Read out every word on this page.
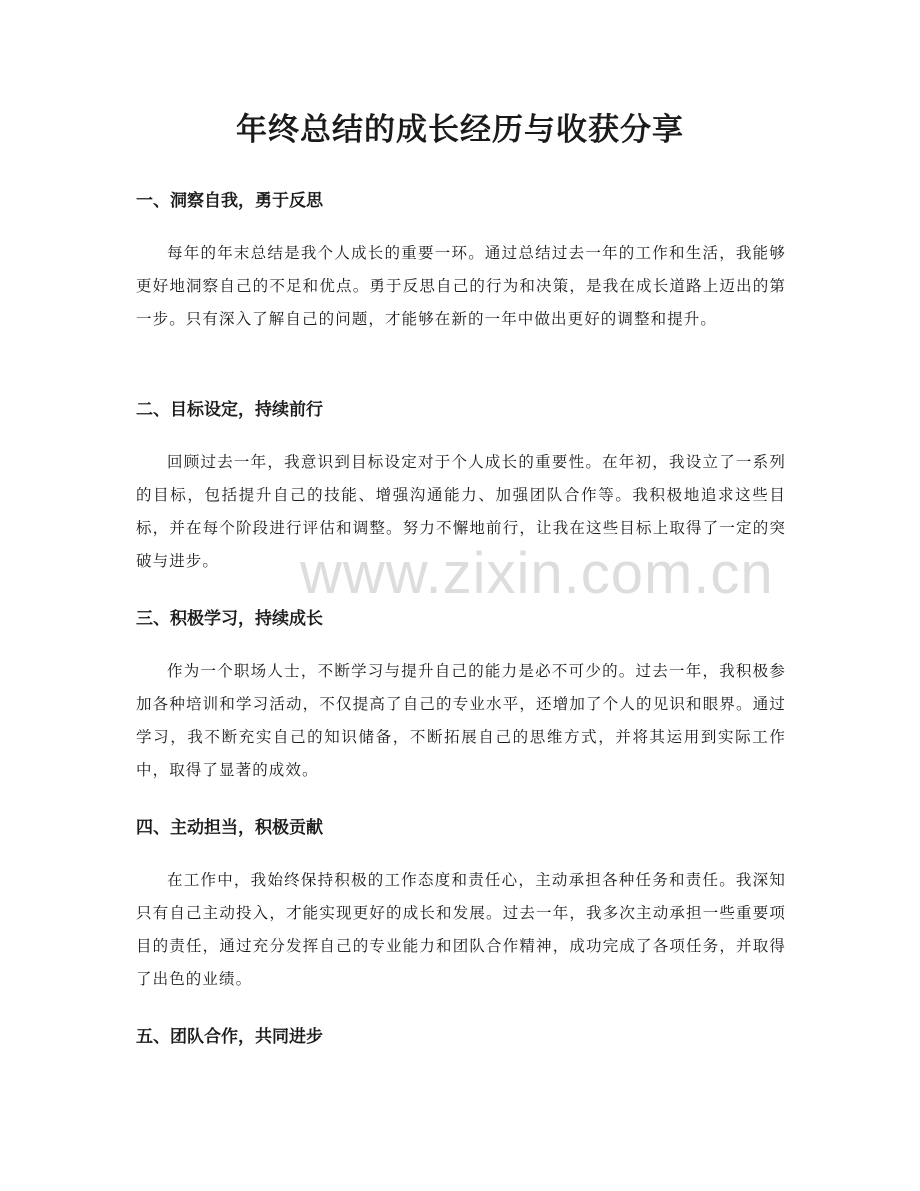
年终总结的成长经历与收获分享
一、洞察自我，勇于反思

每年的年末总结是我个人成长的重要一环。通过总结过去一年的工作和生活，我能够更好地洞察自己的不足和优点。勇于反思自己的行为和决策，是我在成长道路上迈出的第一步。只有深入了解自己的问题，才能够在新的一年中做出更好的调整和提升。

二、目标设定，持续前行

回顾过去一年，我意识到目标设定对于个人成长的重要性。在年初，我设立了一系列的目标，包括提升自己的技能、增强沟通能力、加强团队合作等。我积极地追求这些目标，并在每个阶段进行评估和调整。努力不懈地前行，让我在这些目标上取得了一定的突破与进步。

三、积极学习，持续成长

作为一个职场人士，不断学习与提升自己的能力是必不可少的。过去一年，我积极参加各种培训和学习活动，不仅提高了自己的专业水平，还增加了个人的见识和眼界。通过学习，我不断充实自己的知识储备，不断拓展自己的思维方式，并将其运用到实际工作中，取得了显著的成效。

四、主动担当，积极贡献

在工作中，我始终保持积极的工作态度和责任心，主动承担各种任务和责任。我深知只有自己主动投入，才能实现更好的成长和发展。过去一年，我多次主动承担一些重要项目的责任，通过充分发挥自己的专业能力和团队合作精神，成功完成了各项任务，并取得了出色的业绩。

五、团队合作，共同进步
www.zixin.com.cn
